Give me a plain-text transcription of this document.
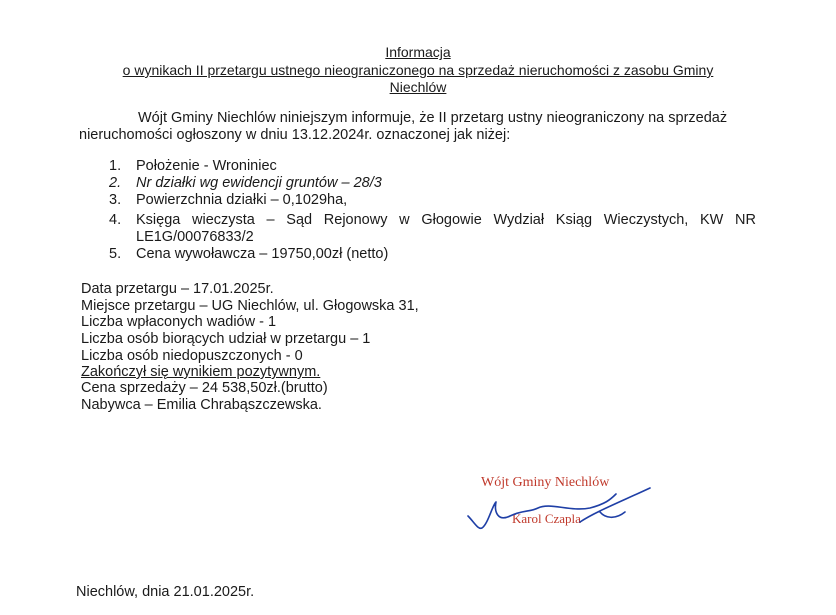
Informacja
o wynikach II przetargu ustnego nieograniczonego na sprzedaż nieruchomości z zasobu Gminy
Niechlów
Wójt Gminy Niechlów niniejszym informuje, że II przetarg ustny nieograniczony na sprzedaż
nieruchomości ogłoszony w dniu 13.12.2024r. oznaczonej jak niżej:
1. Położenie - Wroniniec
2. Nr działki wg ewidencji gruntów – 28/3
3. Powierzchnia działki – 0,1029ha,
4. Księga wieczysta – Sąd Rejonowy w Głogowie Wydział Ksiąg Wieczystych, KW NR
LE1G/00076833/2
5. Cena wywoławcza – 19750,00zł (netto)
Data przetargu – 17.01.2025r.
Miejsce przetargu – UG Niechlów, ul. Głogowska 31,
Liczba wpłaconych wadiów - 1
Liczba osób biorących udział w przetargu – 1
Liczba osób niedopuszczonych - 0
Zakończył się wynikiem pozytywnym.
Cena sprzedaży – 24 538,50zł.(brutto)
Nabywca – Emilia Chrabąszczewska.
Wójt Gminy Niechlów
Karol Czapla
Niechlów, dnia 21.01.2025r.
